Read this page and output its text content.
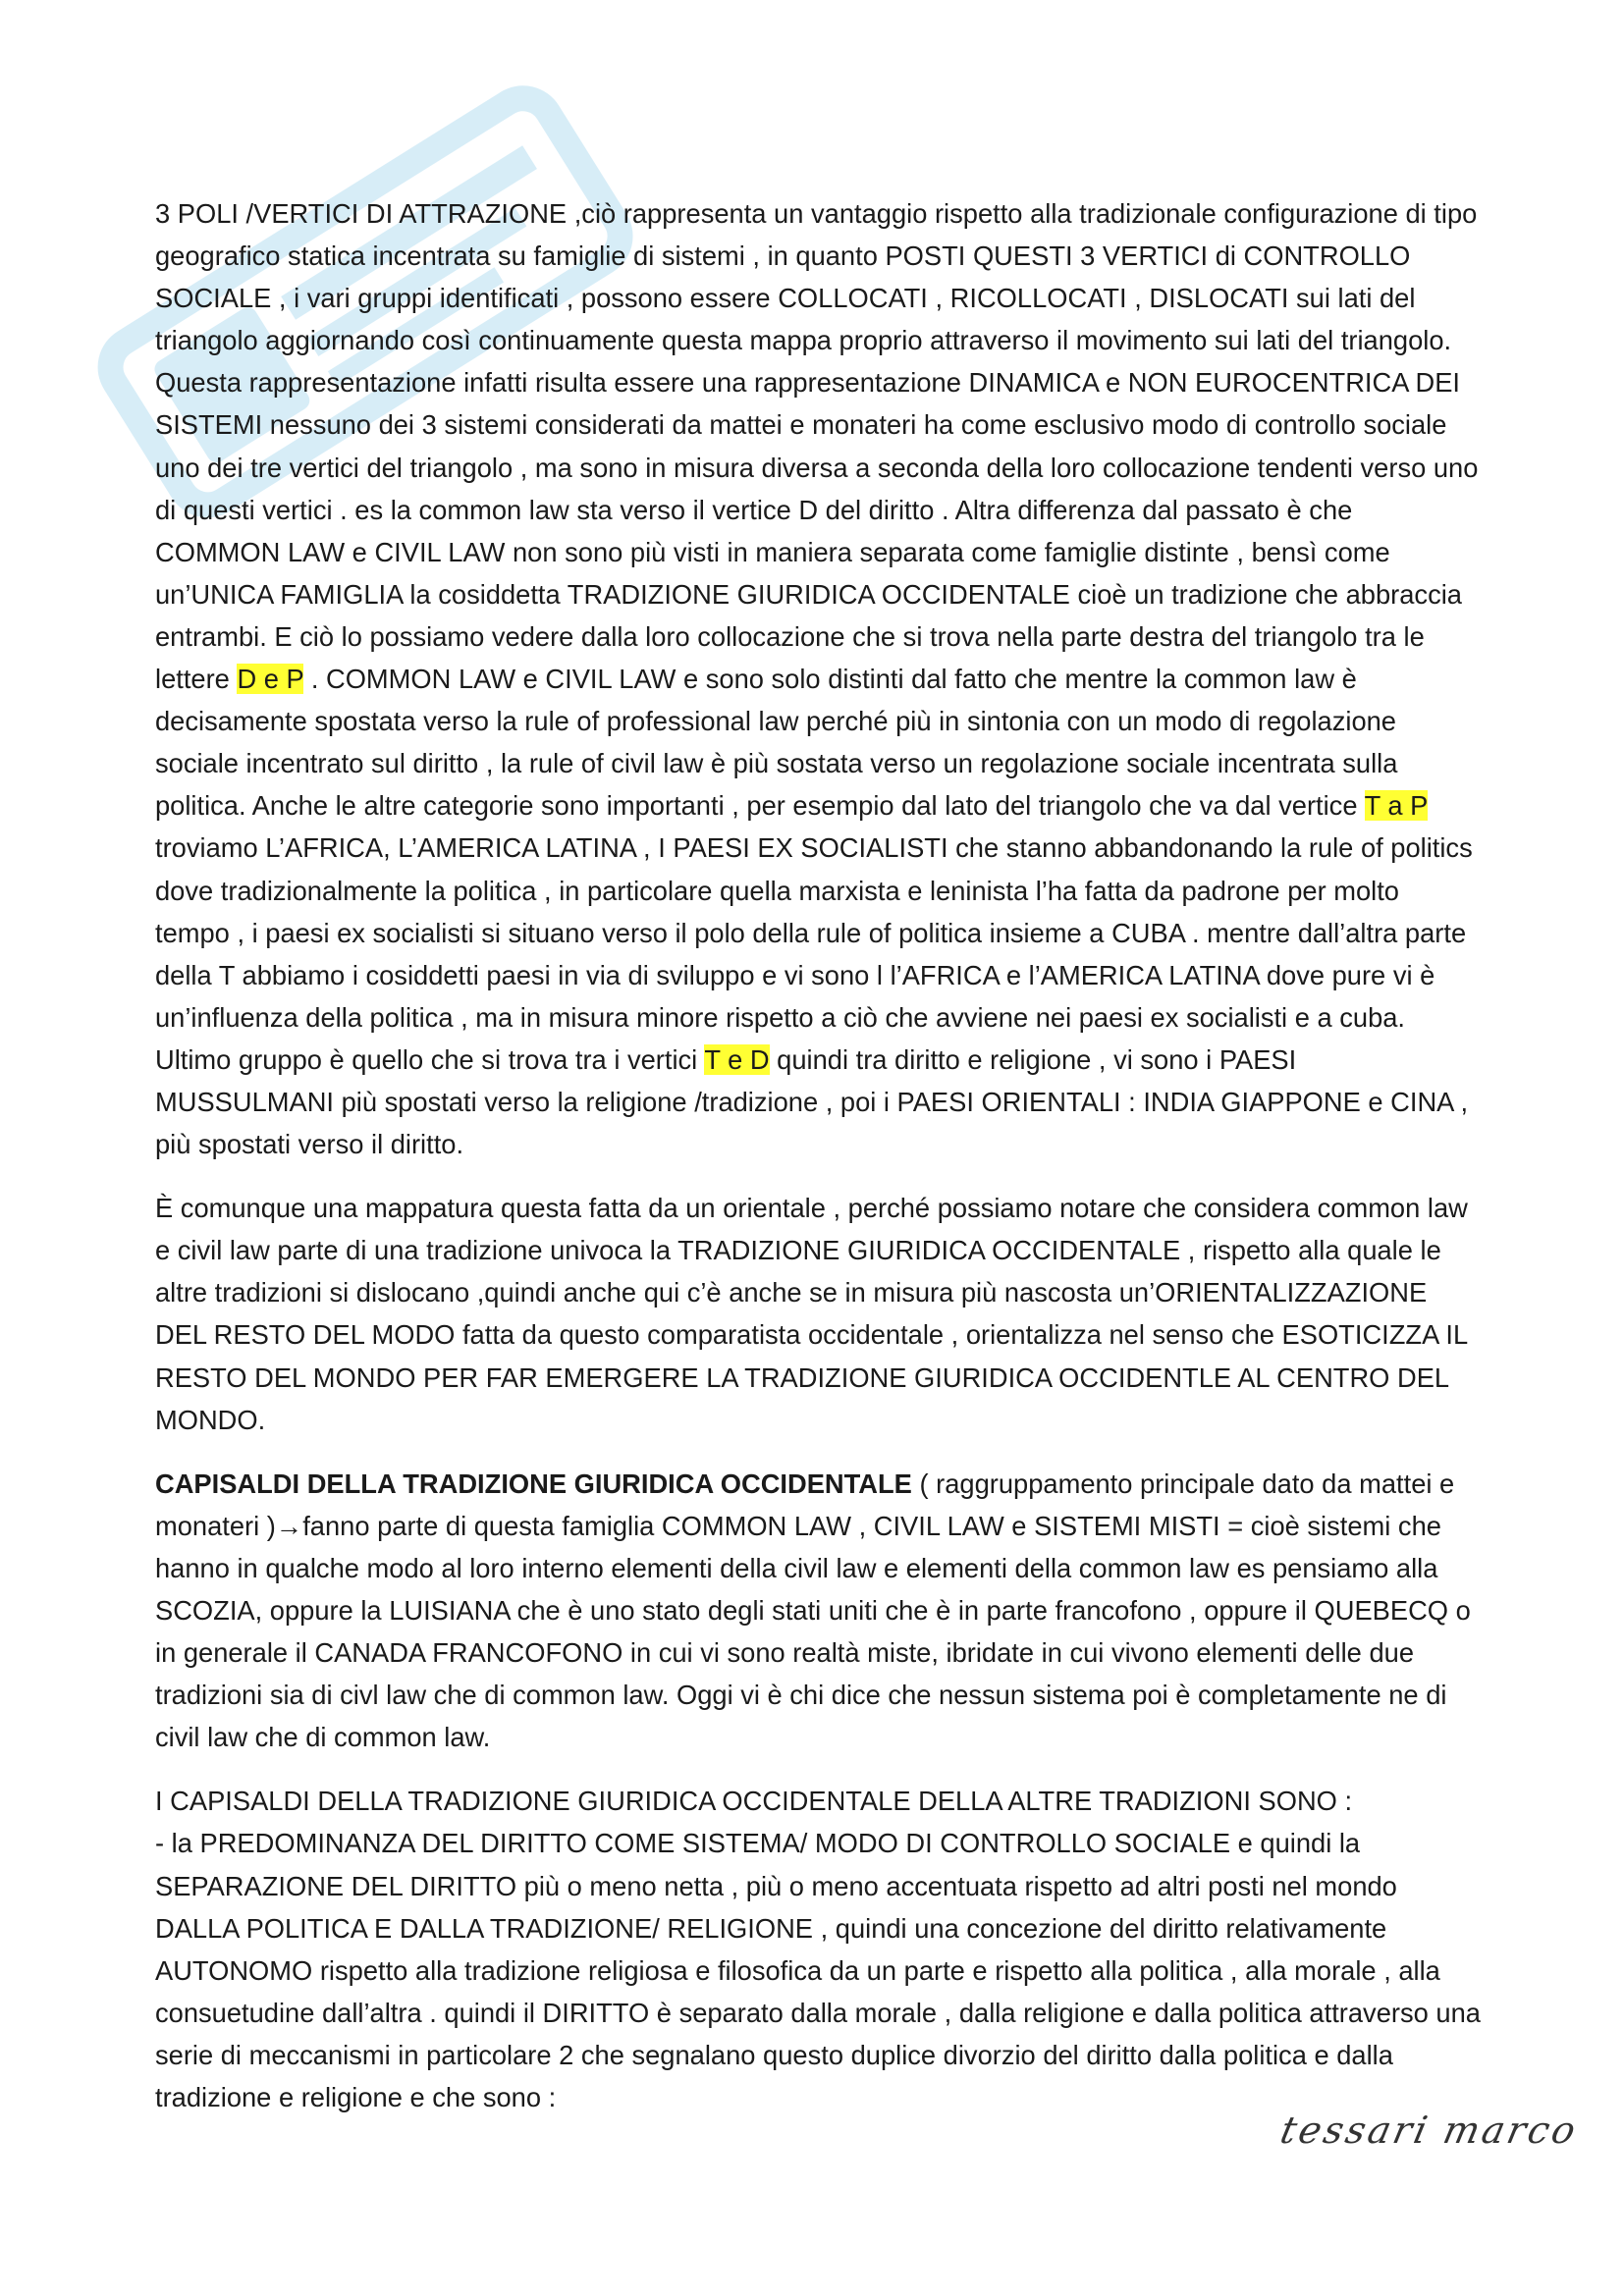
3 POLI /VERTICI DI ATTRAZIONE ,ciò rappresenta un vantaggio rispetto alla tradizionale configurazione di tipo geografico statica incentrata su famiglie di sistemi , in quanto POSTI QUESTI 3 VERTICI di CONTROLLO SOCIALE , i vari gruppi identificati , possono essere COLLOCATI , RICOLLOCATI , DISLOCATI sui lati del triangolo aggiornando così continuamente questa mappa proprio attraverso il movimento sui lati del triangolo. Questa rappresentazione infatti risulta essere una rappresentazione DINAMICA e NON EUROCENTRICA DEI SISTEMI nessuno dei 3 sistemi considerati da mattei e monateri ha come esclusivo modo di controllo sociale uno dei tre vertici del triangolo , ma sono in misura diversa a seconda della loro collocazione tendenti verso uno di questi vertici . es la common law sta verso il vertice D del diritto . Altra differenza dal passato è che COMMON LAW e CIVIL LAW non sono più visti in maniera separata come famiglie distinte , bensì come un’UNICA FAMIGLIA la cosiddetta TRADIZIONE GIURIDICA OCCIDENTALE cioè un tradizione che abbraccia entrambi. E ciò lo possiamo vedere dalla loro collocazione che si trova nella parte destra del triangolo tra le lettere D e P . COMMON LAW e CIVIL LAW e sono solo distinti dal fatto che mentre la common law è decisamente spostata verso la rule of professional law perché più in sintonia con un modo di regolazione sociale incentrato sul diritto , la rule of civil law è più sostata verso un regolazione sociale incentrata sulla politica. Anche le altre categorie sono importanti , per esempio dal lato del triangolo che va dal vertice T a P troviamo L’AFRICA, L’AMERICA LATINA , I PAESI EX SOCIALISTI che stanno abbandonando la rule of politics dove tradizionalmente la politica , in particolare quella marxista e leninista l’ha fatta da padrone per molto tempo , i paesi ex socialisti si situano verso il polo della rule of politica insieme a CUBA . mentre dall’altra parte della T abbiamo i cosiddetti paesi in via di sviluppo e vi sono l l’AFRICA e l’AMERICA LATINA dove pure vi è un’influenza della politica , ma in misura minore rispetto a ciò che avviene nei paesi ex socialisti e a cuba. Ultimo gruppo è quello che si trova tra i vertici T e D quindi tra diritto e religione , vi sono i PAESI MUSSULMANI più spostati verso la religione /tradizione , poi i PAESI ORIENTALI : INDIA GIAPPONE e CINA , più spostati verso il diritto.

È comunque una mappatura questa fatta da un orientale , perché possiamo notare che considera common law e civil law parte di una tradizione univoca la TRADIZIONE GIURIDICA OCCIDENTALE , rispetto alla quale le altre tradizioni si dislocano ,quindi anche qui c’è anche se in misura più nascosta un’ORIENTALIZZAZIONE DEL RESTO DEL MODO fatta da questo comparatista occidentale , orientalizza nel senso che ESOTICIZZA IL RESTO DEL MONDO PER FAR EMERGERE LA TRADIZIONE GIURIDICA OCCIDENTLE AL CENTRO DEL MONDO.

CAPISALDI DELLA TRADIZIONE GIURIDICA OCCIDENTALE ( raggruppamento principale dato da mattei e monateri )→fanno parte di questa famiglia COMMON LAW , CIVIL LAW e SISTEMI MISTI = cioè sistemi che hanno in qualche modo al loro interno elementi della civil law e elementi della common law es pensiamo alla SCOZIA, oppure la LUISIANA che è uno stato degli stati uniti che è in parte francofono , oppure il QUEBECQ o in generale il CANADA FRANCOFONO in cui vi sono realtà miste, ibridate in cui vivono elementi delle due tradizioni sia di civl law che di common law. Oggi vi è chi dice che nessun sistema poi è completamente ne di civil law che di common law.

I CAPISALDI DELLA TRADIZIONE GIURIDICA OCCIDENTALE DELLA ALTRE TRADIZIONI SONO :
- la PREDOMINANZA DEL DIRITTO COME SISTEMA/ MODO DI CONTROLLO SOCIALE e quindi la SEPARAZIONE DEL DIRITTO più o meno netta , più o meno accentuata rispetto ad altri posti nel mondo DALLA POLITICA E DALLA TRADIZIONE/ RELIGIONE , quindi una concezione del diritto relativamente AUTONOMO rispetto alla tradizione religiosa e filosofica da un parte e rispetto alla politica , alla morale , alla consuetudine dall’altra . quindi il DIRITTO è separato dalla morale , dalla religione e dalla politica attraverso una serie di meccanismi in particolare 2 che segnalano questo duplice divorzio del diritto dalla politica e dalla tradizione e religione e che sono :

tessari marco
